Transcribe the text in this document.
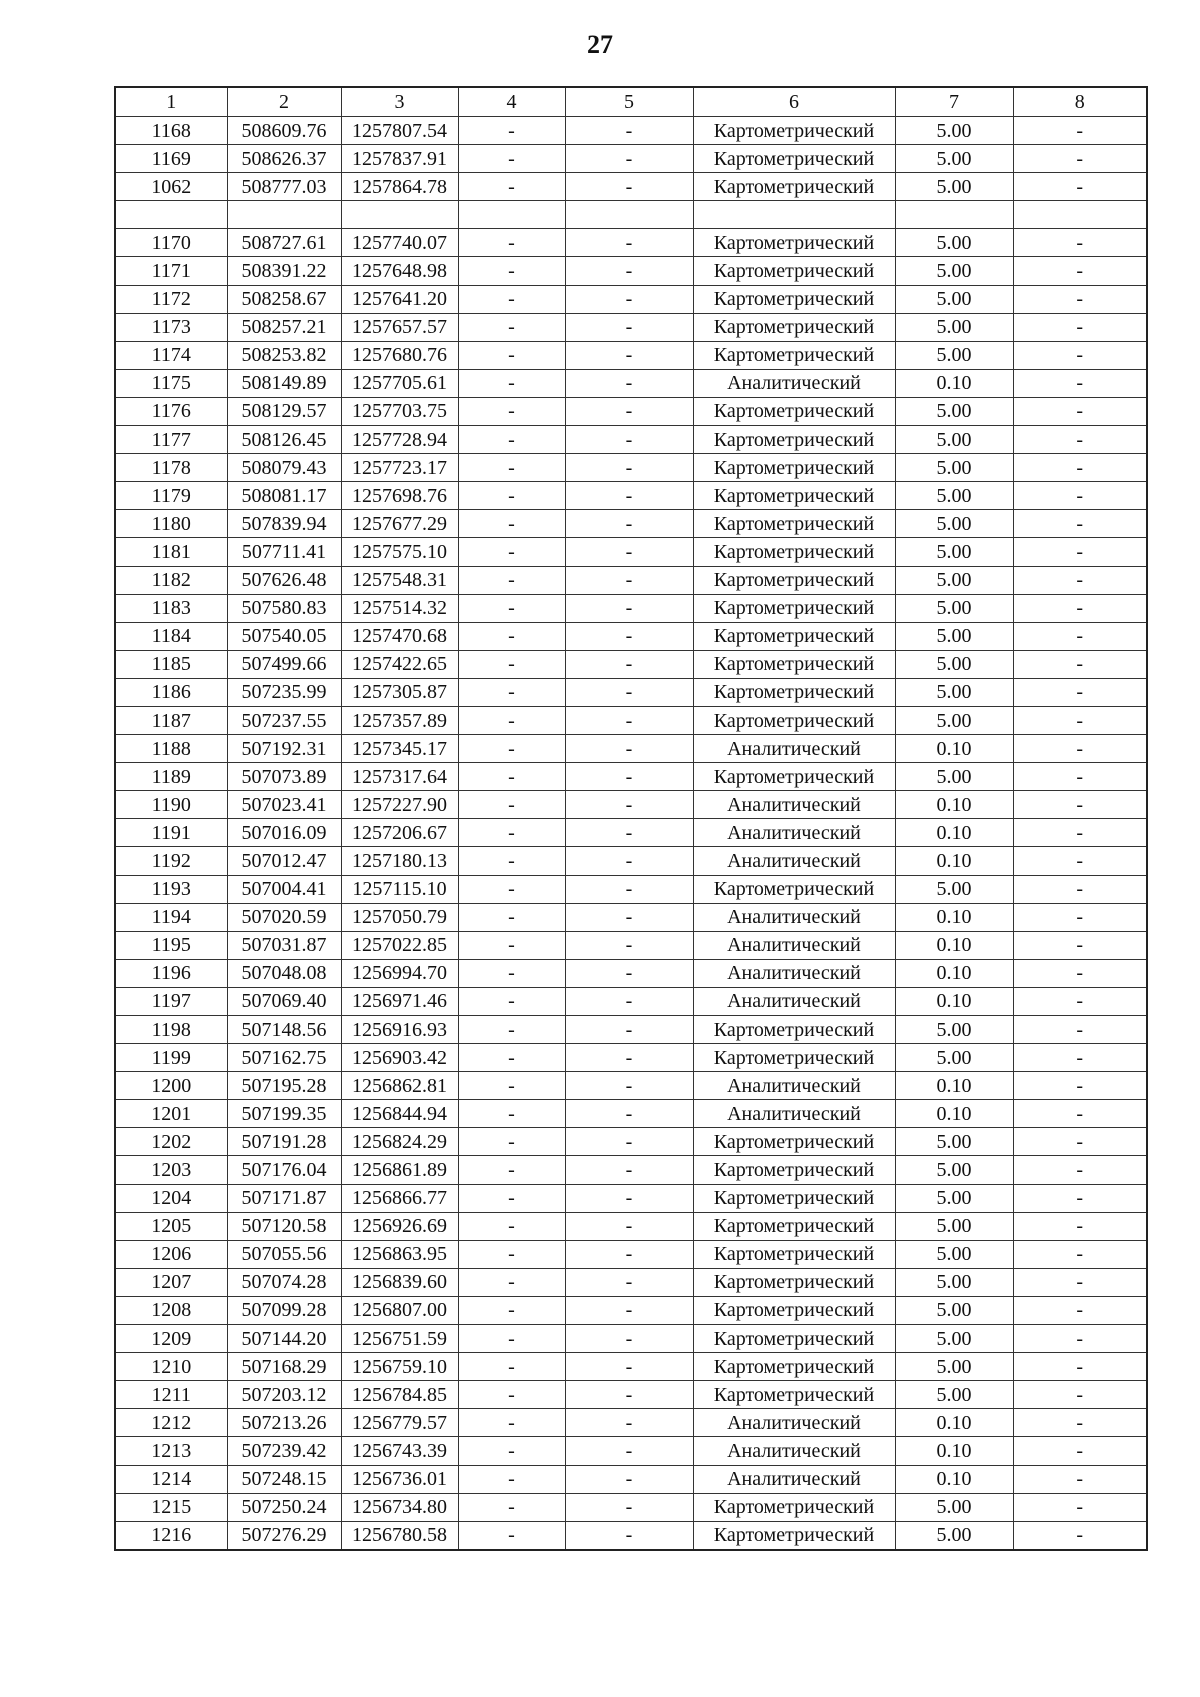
27
1	2	3	4	5	6	7	8
1168	508609.76	1257807.54	-	-	Картометрический	5.00	-
1169	508626.37	1257837.91	-	-	Картометрический	5.00	-
1062	508777.03	1257864.78	-	-	Картометрический	5.00	-

1170	508727.61	1257740.07	-	-	Картометрический	5.00	-
1171	508391.22	1257648.98	-	-	Картометрический	5.00	-
1172	508258.67	1257641.20	-	-	Картометрический	5.00	-
1173	508257.21	1257657.57	-	-	Картометрический	5.00	-
1174	508253.82	1257680.76	-	-	Картометрический	5.00	-
1175	508149.89	1257705.61	-	-	Аналитический	0.10	-
1176	508129.57	1257703.75	-	-	Картометрический	5.00	-
1177	508126.45	1257728.94	-	-	Картометрический	5.00	-
1178	508079.43	1257723.17	-	-	Картометрический	5.00	-
1179	508081.17	1257698.76	-	-	Картометрический	5.00	-
1180	507839.94	1257677.29	-	-	Картометрический	5.00	-
1181	507711.41	1257575.10	-	-	Картометрический	5.00	-
1182	507626.48	1257548.31	-	-	Картометрический	5.00	-
1183	507580.83	1257514.32	-	-	Картометрический	5.00	-
1184	507540.05	1257470.68	-	-	Картометрический	5.00	-
1185	507499.66	1257422.65	-	-	Картометрический	5.00	-
1186	507235.99	1257305.87	-	-	Картометрический	5.00	-
1187	507237.55	1257357.89	-	-	Картометрический	5.00	-
1188	507192.31	1257345.17	-	-	Аналитический	0.10	-
1189	507073.89	1257317.64	-	-	Картометрический	5.00	-
1190	507023.41	1257227.90	-	-	Аналитический	0.10	-
1191	507016.09	1257206.67	-	-	Аналитический	0.10	-
1192	507012.47	1257180.13	-	-	Аналитический	0.10	-
1193	507004.41	1257115.10	-	-	Картометрический	5.00	-
1194	507020.59	1257050.79	-	-	Аналитический	0.10	-
1195	507031.87	1257022.85	-	-	Аналитический	0.10	-
1196	507048.08	1256994.70	-	-	Аналитический	0.10	-
1197	507069.40	1256971.46	-	-	Аналитический	0.10	-
1198	507148.56	1256916.93	-	-	Картометрический	5.00	-
1199	507162.75	1256903.42	-	-	Картометрический	5.00	-
1200	507195.28	1256862.81	-	-	Аналитический	0.10	-
1201	507199.35	1256844.94	-	-	Аналитический	0.10	-
1202	507191.28	1256824.29	-	-	Картометрический	5.00	-
1203	507176.04	1256861.89	-	-	Картометрический	5.00	-
1204	507171.87	1256866.77	-	-	Картометрический	5.00	-
1205	507120.58	1256926.69	-	-	Картометрический	5.00	-
1206	507055.56	1256863.95	-	-	Картометрический	5.00	-
1207	507074.28	1256839.60	-	-	Картометрический	5.00	-
1208	507099.28	1256807.00	-	-	Картометрический	5.00	-
1209	507144.20	1256751.59	-	-	Картометрический	5.00	-
1210	507168.29	1256759.10	-	-	Картометрический	5.00	-
1211	507203.12	1256784.85	-	-	Картометрический	5.00	-
1212	507213.26	1256779.57	-	-	Аналитический	0.10	-
1213	507239.42	1256743.39	-	-	Аналитический	0.10	-
1214	507248.15	1256736.01	-	-	Аналитический	0.10	-
1215	507250.24	1256734.80	-	-	Картометрический	5.00	-
1216	507276.29	1256780.58	-	-	Картометрический	5.00	-
